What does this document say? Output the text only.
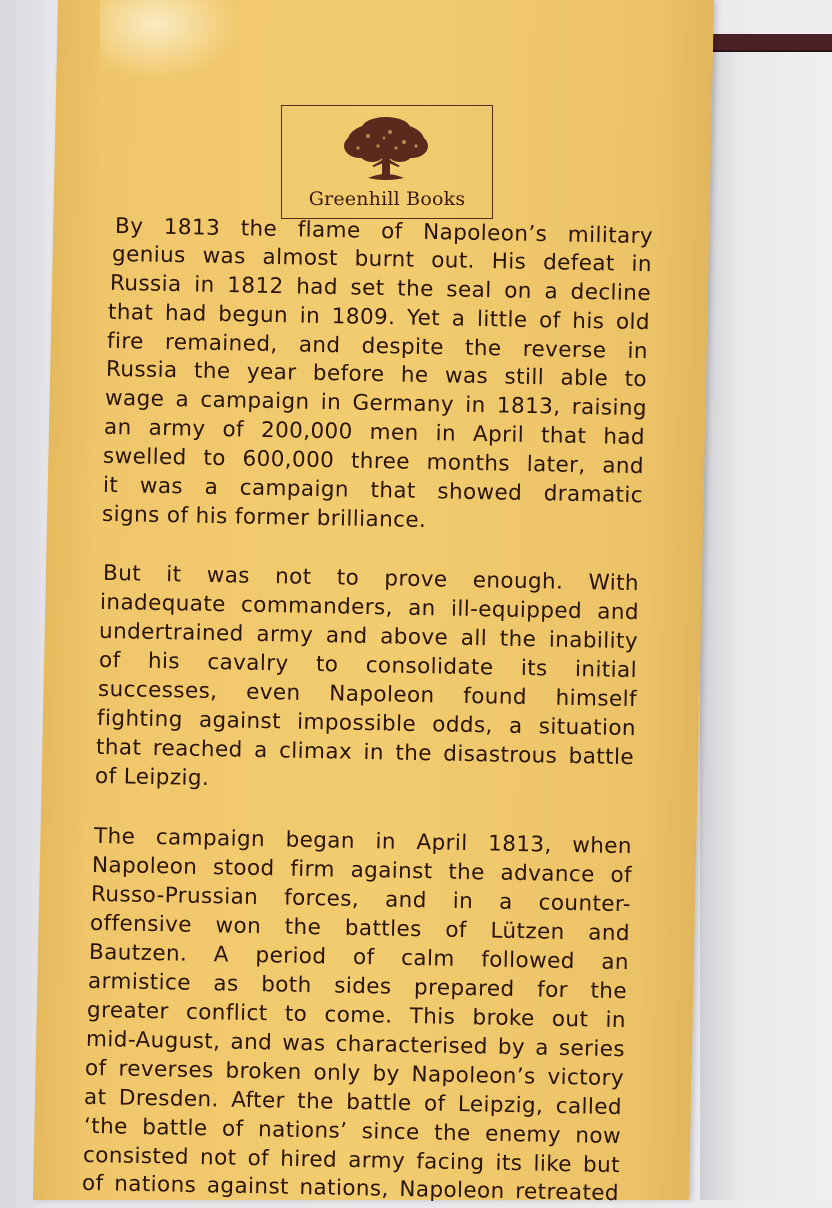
Greenhill Books
By 1813 the flame of Napoleon’s military
genius was almost burnt out. His defeat in
Russia in 1812 had set the seal on a decline
that had begun in 1809. Yet a little of his old
fire remained, and despite the reverse in
Russia the year before he was still able to
wage a campaign in Germany in 1813, raising
an army of 200,000 men in April that had
swelled to 600,000 three months later, and
it was a campaign that showed dramatic
signs of his former brilliance.
But it was not to prove enough. With
inadequate commanders, an ill-equipped and
undertrained army and above all the inability
of his cavalry to consolidate its initial
successes, even Napoleon found himself
fighting against impossible odds, a situation
that reached a climax in the disastrous battle
of Leipzig.
The campaign began in April 1813, when
Napoleon stood firm against the advance of
Russo-Prussian forces, and in a counter-
offensive won the battles of Lützen and
Bautzen. A period of calm followed an
armistice as both sides prepared for the
greater conflict to come. This broke out in
mid-August, and was characterised by a series
of reverses broken only by Napoleon’s victory
at Dresden. After the battle of Leipzig, called
‘the battle of nations’ since the enemy now
consisted not of hired army facing its like but
of nations against nations, Napoleon retreated
